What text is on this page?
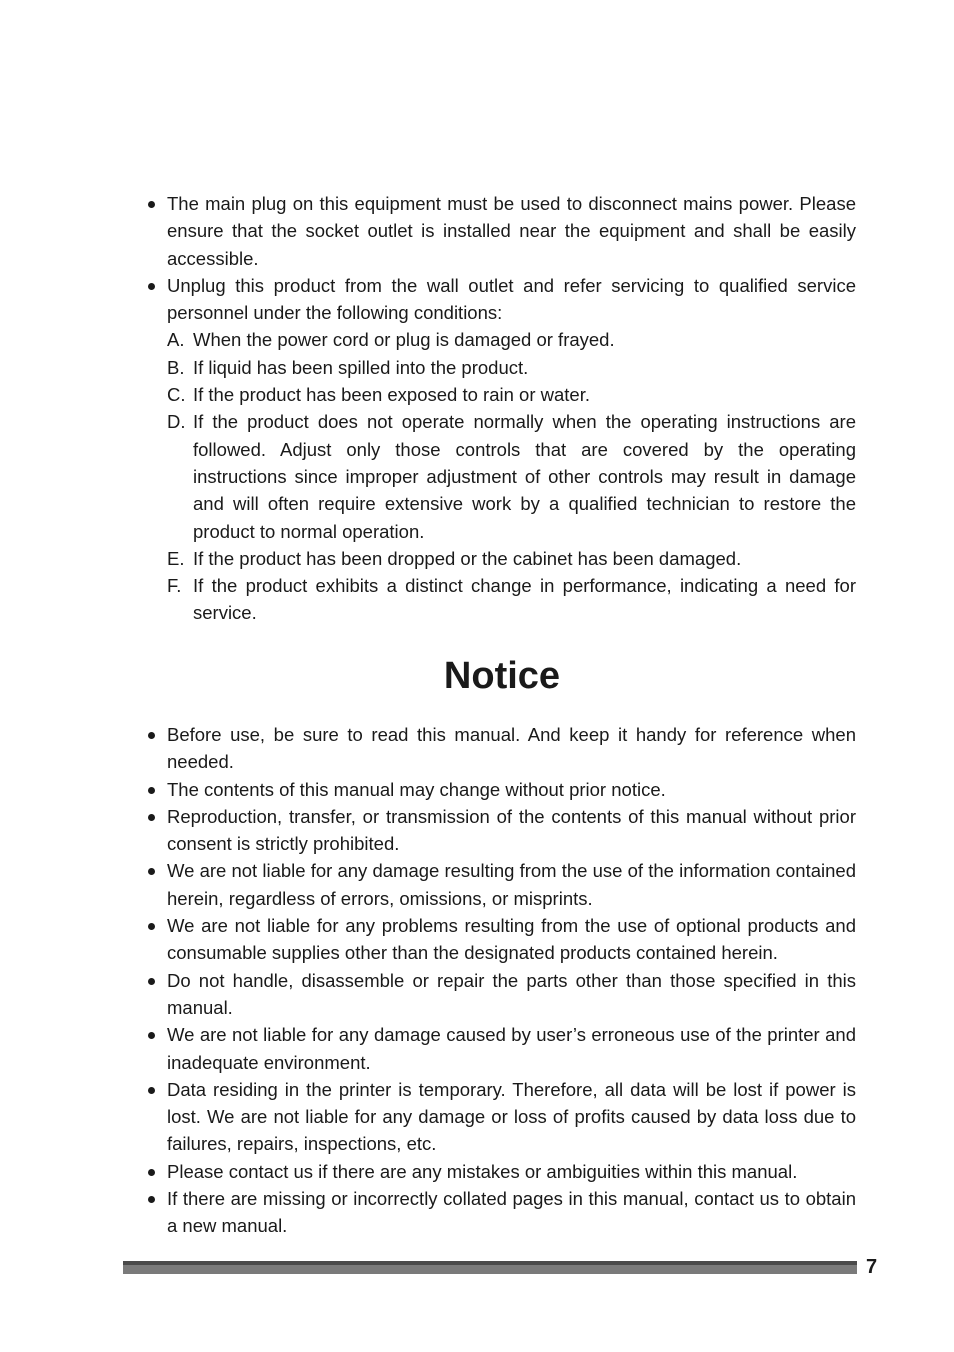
The main plug on this equipment must be used to disconnect mains power. Please ensure that the socket outlet is installed near the equipment and shall be easily accessible.
Unplug this product from the wall outlet and refer servicing to qualified service personnel under the following conditions:
A. When the power cord or plug is damaged or frayed.
B. If liquid has been spilled into the product.
C. If the product has been exposed to rain or water.
D. If the product does not operate normally when the operating instructions are followed. Adjust only those controls that are covered by the operating instructions since improper adjustment of other controls may result in damage and will often require extensive work by a qualified technician to restore the product to normal operation.
E. If the product has been dropped or the cabinet has been damaged.
F. If the product exhibits a distinct change in performance, indicating a need for service.
Notice
Before use, be sure to read this manual. And keep it handy for reference when needed.
The contents of this manual may change without prior notice.
Reproduction, transfer, or transmission of the contents of this manual without prior consent is strictly prohibited.
We are not liable for any damage resulting from the use of the information contained herein, regardless of errors, omissions, or misprints.
We are not liable for any problems resulting from the use of optional products and consumable supplies other than the designated products contained herein.
Do not handle, disassemble or repair the parts other than those specified in this manual.
We are not liable for any damage caused by user’s erroneous use of the printer and inadequate environment.
Data residing in the printer is temporary. Therefore, all data will be lost if power is lost. We are not liable for any damage or loss of profits caused by data loss due to failures, repairs, inspections, etc.
Please contact us if there are any mistakes or ambiguities within this manual.
If there are missing or incorrectly collated pages in this manual, contact us to obtain a new manual.
7
